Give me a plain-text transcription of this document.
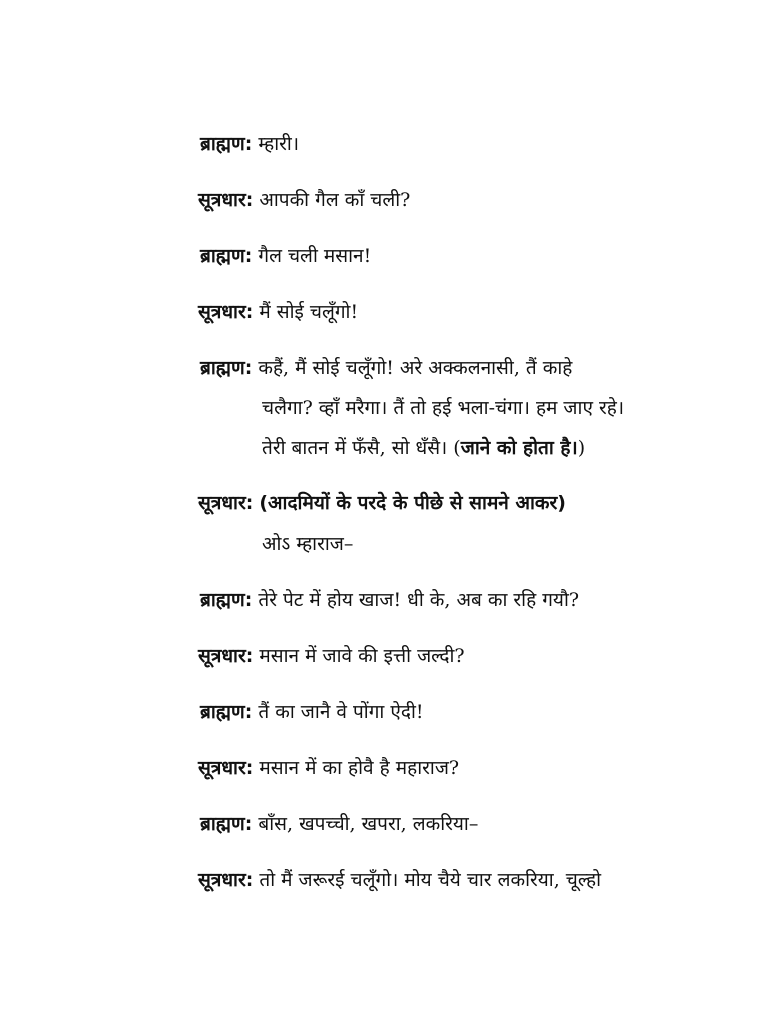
ब्राह्मण: म्हारी।
सूत्रधार: आपकी गैल काँ चली?
ब्राह्मण: गैल चली मसान!
सूत्रधार: मैं सोई चलूँगो!
ब्राह्मण: कहैं, मैं सोई चलूँगो! अरे अक्कलनासी, तैं काहे
चलैगा? व्हाँ मरैगा। तैं तो हई भला-चंगा। हम जाए रहे।
तेरी बातन में फँसै, सो धँसै। (जाने को होता है।)
सूत्रधार: (आदमियों के परदे के पीछे से सामने आकर)
ओऽ म्हाराज–
ब्राह्मण: तेरे पेट में होय खाज! धी के, अब का रहि गयौ?
सूत्रधार: मसान में जावे की इत्ती जल्दी?
ब्राह्मण: तैं का जानै वे पोंगा ऐदी!
सूत्रधार: मसान में का होवै है महाराज?
ब्राह्मण: बाँस, खपच्ची, खपरा, लकरिया–
सूत्रधार: तो मैं जरूरई चलूँगो। मोय चैये चार लकरिया, चूल्हो
